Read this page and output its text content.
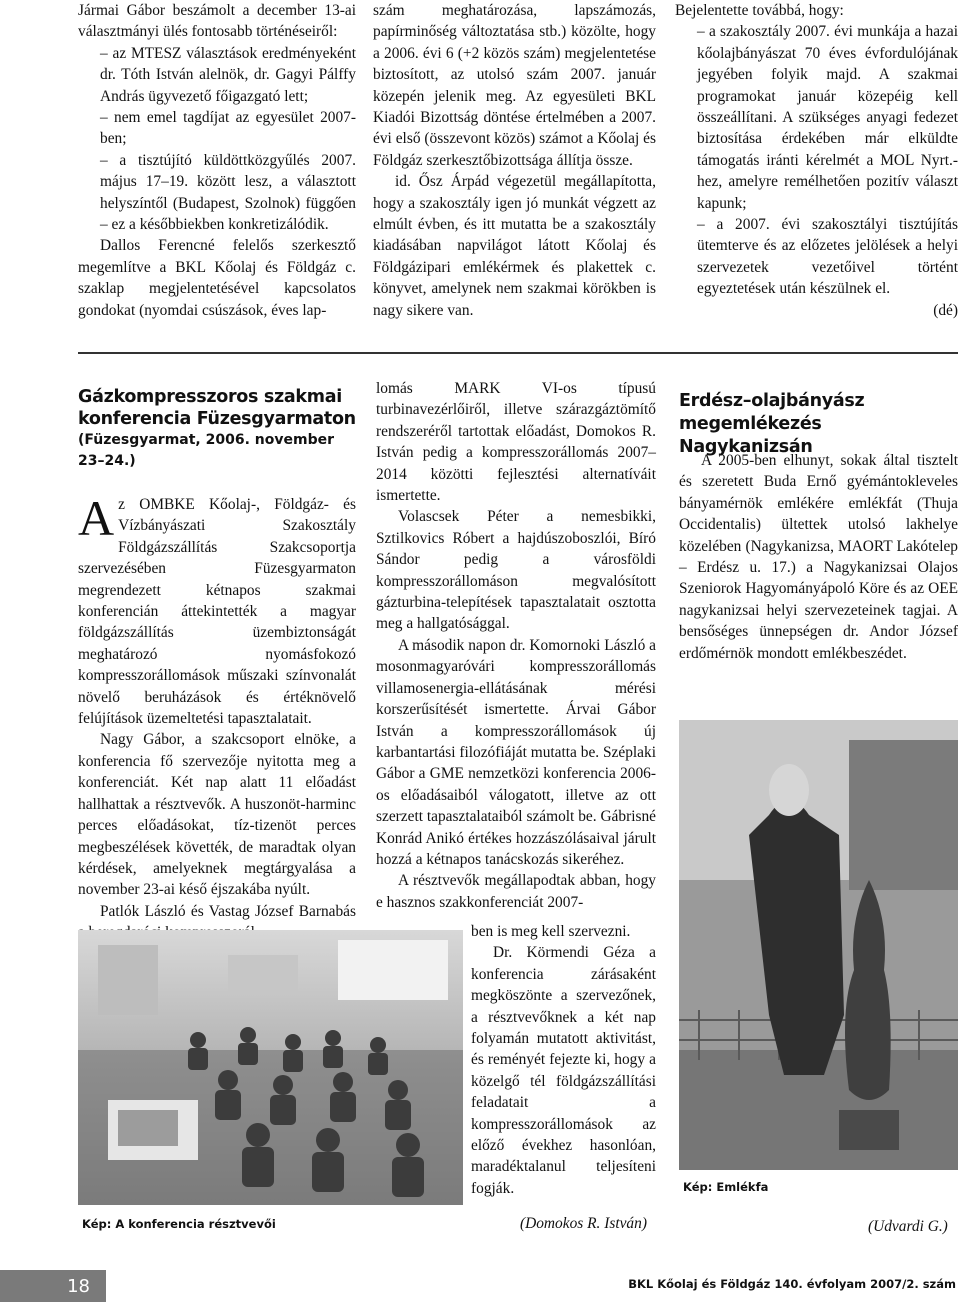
Jármai Gábor beszámolt a december 13-ai választmányi ülés fontosabb történéseiről:

– az MTESZ választások eredményeként dr. Tóth István alelnök, dr. Gagyi Pálffy András ügyvezető főigazgató lett;

– nem emel tagdíjat az egyesület 2007-ben;

– a tisztújító küldöttközgyűlés 2007. május 17–19. között lesz, a választott helyszíntől (Budapest, Szolnok) függően – ez a későbbiekben konkretizálódik.

Dallos Ferencné felelős szerkesztő megemlítve a BKL Kőolaj és Földgáz c. szaklap megjelentetésével kapcsolatos gondokat (nyomdai csúszások, éves lap-

szám meghatározása, lapszámozás, papírminőség változtatása stb.) közölte, hogy a 2006. évi 6 (+2 közös szám) megjelentetése biztosított, az utolsó szám 2007. január közepén jelenik meg. Az egyesületi BKL Kiadói Bizottság döntése értelmében a 2007. évi első (összevont közös) számot a Kőolaj és Földgáz szerkesztőbizottsága állítja össze.

id. Ősz Árpád végezetül megállapította, hogy a szakosztály igen jó munkát végzett az elmúlt évben, és itt mutatta be a szakosztály kiadásában napvilágot látott Kőolaj és Földgázipari emlékérmek és plakettek c. könyvet, amelynek nem szakmai körökben is nagy sikere van.

Bejelentette továbbá, hogy:

– a szakosztály 2007. évi munkája a hazai kőolajbányászat 70 éves évfordulójának jegyében folyik majd. A szakmai programokat január közepéig kell összeállítani. A szükséges anyagi fedezet biztosítása érdekében már elküldte támogatás iránti kérelmét a MOL Nyrt.-hez, amelyre remélhetően pozitív választ kapunk;

– a 2007. évi szakosztályi tisztújítás ütemterve és az előzetes jelölések a helyi szervezetek vezetőivel történt egyeztetések után készülnek el.

(dé)

Gázkompresszoros szakmai konferencia Füzesgyarmaton

(Füzesgyarmat, 2006. november 23–24.)

A z OMBKE Kőolaj-, Földgáz- és Vízbányászati Szakosztály Földgázszállítás Szakcsoportja szervezésében Füzesgyarmaton megrendezett kétnapos szakmai konferencián áttekintették a magyar földgázszállítás üzembiztonságát meghatározó nyomásfokozó kompresszorállomások műszaki színvonalát növelő beruházások és értéknövelő felújítások üzemeltetési tapasztalatait.

Nagy Gábor, a szakcsoport elnöke, a konferencia fő szervezője nyitotta meg a konferenciát. Két nap alatt 11 előadást hallhattak a résztvevők. A huszonöt-harminc perces előadásokat, tíz-tizenöt perces megbeszélések követték, de maradtak olyan kérdések, amelyeknek megtárgyalása a november 23-ai késő éjszakába nyúlt.

Patlók László és Vastag József Barnabás

lomás MARK VI-os típusú turbinavezérlőiről, illetve szárazgáztömítő rendszeréről tartottak előadást, Domokos R. István pedig a kompresszorállomás 2007–2014 közötti fejlesztési alternatíváit ismertette.

Volascsek Péter a nemesbikki, Sztilkovics Róbert a hajdúszoboszlói, Bíró Sándor pedig a városföldi kompresszorállomáson megvalósított gázturbina-telepítések tapasztalatait osztotta meg a hallgatósággal.

A második napon dr. Komornoki László a mosonmagyaróvári kompresszorállomás villamosenergia-ellátásának mérési korszerűsítését ismertette. Árvai Gábor István a kompresszorállomások új karbantartási filozófiáját mutatta be. Széplaki Gábor a GME nemzetközi konferencia 2006-os előadásaiból válogatott, illetve az ott szerzett tapasztalataiból számolt be. Gábrisné Konrád Anikó értékes hozzászólásaival járult hozzá a kétnapos tanácskozás sikeréhez.

A résztvevők megállapodtak abban, hogy e hasznos szakkonferenciát 2007-

ben is meg kell szervezni.

Dr. Körmendi Géza a konferencia zárásaként megköszönte a szervezőnek, a résztvevőknek a két nap folyamán mutatott aktivitást, és reményét fejezte ki, hogy a közelgő tél földgázszállítási feladatait a kompresszorállomások az előző évekhez hasonlóan, maradéktalanul teljesíteni fogják.

Kép: A konferencia résztvevői	(Domokos R. István)
Erdész–olajbányász megemlékezés Nagykanizsán

A 2005-ben elhunyt, sokak által tisztelt és szeretett Buda Ernő gyémántokleveles bányamérnök emlékére emlékfát (Thuja Occidentalis) ültettek utolsó lakhelye közelében (Nagykanizsa, MAORT Lakótelep – Erdész u. 17.) a Nagykanizsai Olajos Szeniorok Hagyományápoló Köre és az OEE nagykanizsai helyi szervezeteinek tagjai. A bensőséges ünnepségen dr. Andor József erdőmérnök mondott emlékbeszédet.

Kép: Emlékfa
(Udvardi G.)
18	BKL Kőolaj és Földgáz 140. évfolyam 2007/2. szám
